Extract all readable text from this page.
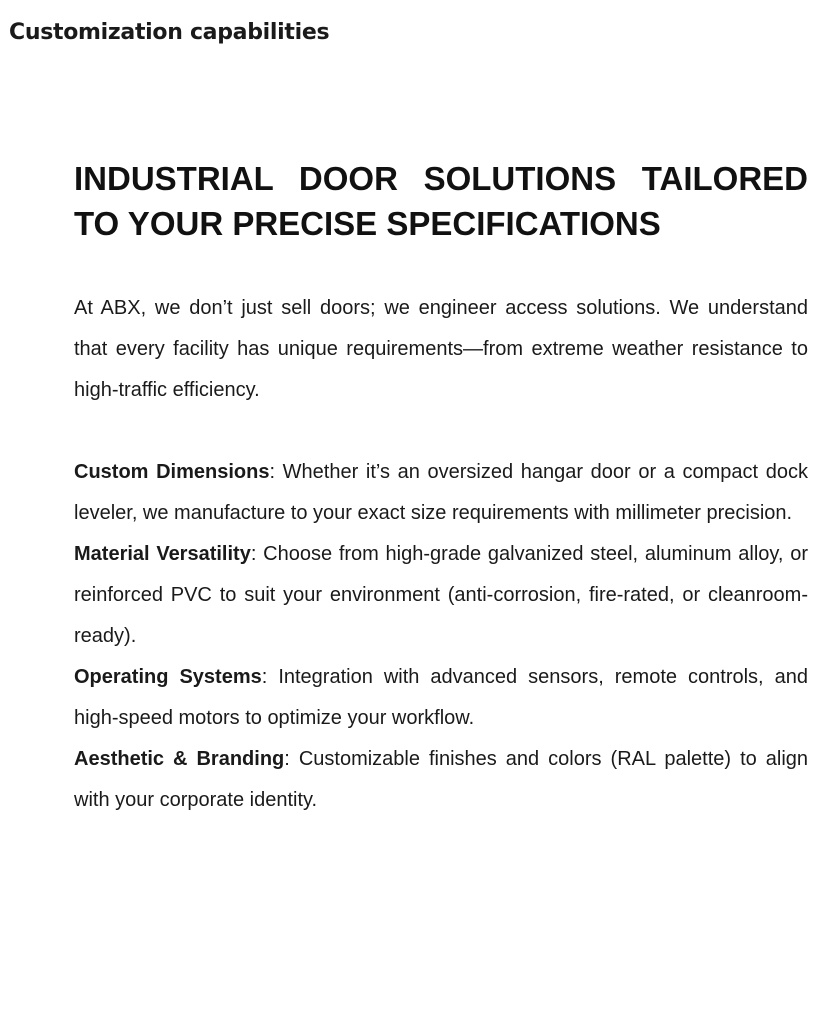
Customization capabilities
INDUSTRIAL DOOR SOLUTIONS TAILORED
TO YOUR PRECISE SPECIFICATIONS

At ABX, we don’t just sell doors; we engineer access solutions. We understand that every facility has unique requirements—from extreme weather resistance to high-traffic efficiency.

Custom Dimensions: Whether it’s an oversized hangar door or a compact dock leveler, we manufacture to your exact size requirements with millimeter precision.

Material Versatility: Choose from high-grade galvanized steel, aluminum alloy, or reinforced PVC to suit your environment (anti-corrosion, fire-rated, or cleanroom-ready).

Operating Systems: Integration with advanced sensors, remote controls, and high-speed motors to optimize your workflow.

Aesthetic & Branding: Customizable finishes and colors (RAL palette) to align with your corporate identity.
